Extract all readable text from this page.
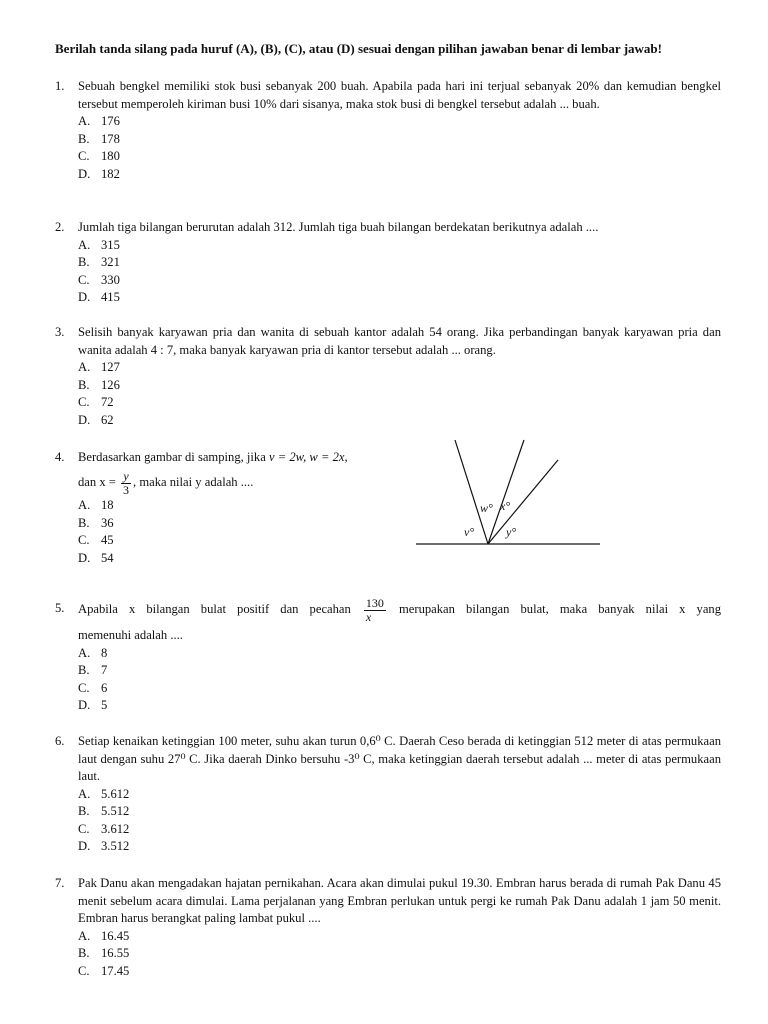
Berilah tanda silang pada huruf (A), (B), (C), atau (D) sesuai dengan pilihan jawaban benar di lembar jawab!
1. Sebuah bengkel memiliki stok busi sebanyak 200 buah. Apabila pada hari ini terjual sebanyak 20% dan kemudian bengkel tersebut memperoleh kiriman busi 10% dari sisanya, maka stok busi di bengkel tersebut adalah ... buah.
A. 176
B. 178
C. 180
D. 182
2. Jumlah tiga bilangan berurutan adalah 312. Jumlah tiga buah bilangan berdekatan berikutnya adalah ....
A. 315
B. 321
C. 330
D. 415
3. Selisih banyak karyawan pria dan wanita di sebuah kantor adalah 54 orang. Jika perbandingan banyak karyawan pria dan wanita adalah 4 : 7, maka banyak karyawan pria di kantor tersebut adalah ... orang.
A. 127
B. 126
C. 72
D. 62
4. Berdasarkan gambar di samping, jika v = 2w, w = 2x,
dan $x = \frac{y}{3}$ , maka nilai y adalah ....
A. 18
B. 36
C. 45
D. 54
w° x°
v°	y°
5. Apabila x bilangan bulat positif dan pecahan $\frac{130}{x}$ merupakan bilangan bulat, maka banyak nilai x yang
memenuhi adalah ....
A. 8
B. 7
C. 6
D. 5
6. Setiap kenaikan ketinggian 100 meter, suhu akan turun 0,6⁰ C. Daerah Ceso berada di ketinggian 512 meter di atas permukaan laut dengan suhu 27⁰ C. Jika daerah Dinko bersuhu -3⁰ C, maka ketinggian daerah tersebut adalah ... meter di atas permukaan laut.
A. 5.612
B. 5.512
C. 3.612
D. 3.512
7. Pak Danu akan mengadakan hajatan pernikahan. Acara akan dimulai pukul 19.30. Embran harus berada di rumah Pak Danu 45 menit sebelum acara dimulai. Lama perjalanan yang Embran perlukan untuk pergi ke rumah Pak Danu adalah 1 jam 50 menit. Embran harus berangkat paling lambat pukul ....
A. 16.45
B. 16.55
C. 17.45
